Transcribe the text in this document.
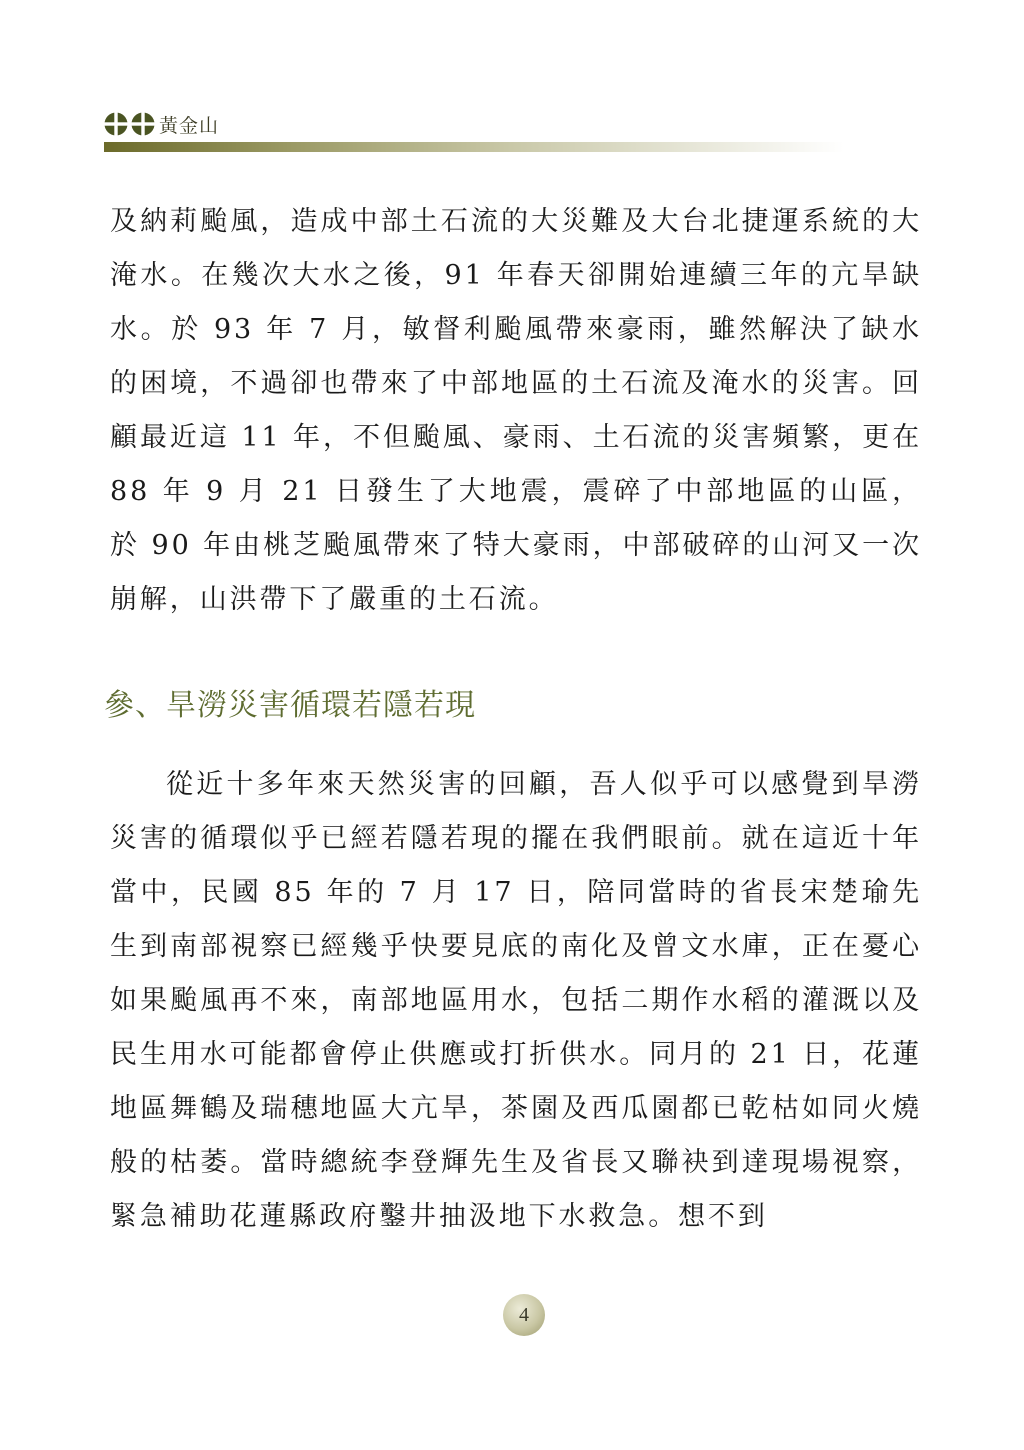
黃金山

及納莉颱風，造成中部土石流的大災難及大台北捷運系統的大淹水。在幾次大水之後，91 年春天卻開始連續三年的亢旱缺水。於 93 年 7 月，敏督利颱風帶來豪雨，雖然解決了缺水的困境，不過卻也帶來了中部地區的土石流及淹水的災害。回顧最近這 11 年，不但颱風、豪雨、土石流的災害頻繁，更在 88 年 9 月 21 日發生了大地震，震碎了中部地區的山區，於 90 年由桃芝颱風帶來了特大豪雨，中部破碎的山河又一次崩解，山洪帶下了嚴重的土石流。

參、旱澇災害循環若隱若現

從近十多年來天然災害的回顧，吾人似乎可以感覺到旱澇災害的循環似乎已經若隱若現的擺在我們眼前。就在這近十年當中，民國 85 年的 7 月 17 日，陪同當時的省長宋楚瑜先生到南部視察已經幾乎快要見底的南化及曾文水庫，正在憂心如果颱風再不來，南部地區用水，包括二期作水稻的灌溉以及民生用水可能都會停止供應或打折供水。同月的 21 日，花蓮地區舞鶴及瑞穗地區大亢旱，茶園及西瓜園都已乾枯如同火燒般的枯萎。當時總統李登輝先生及省長又聯袂到達現場視察，緊急補助花蓮縣政府鑿井抽汲地下水救急。想不到

4
